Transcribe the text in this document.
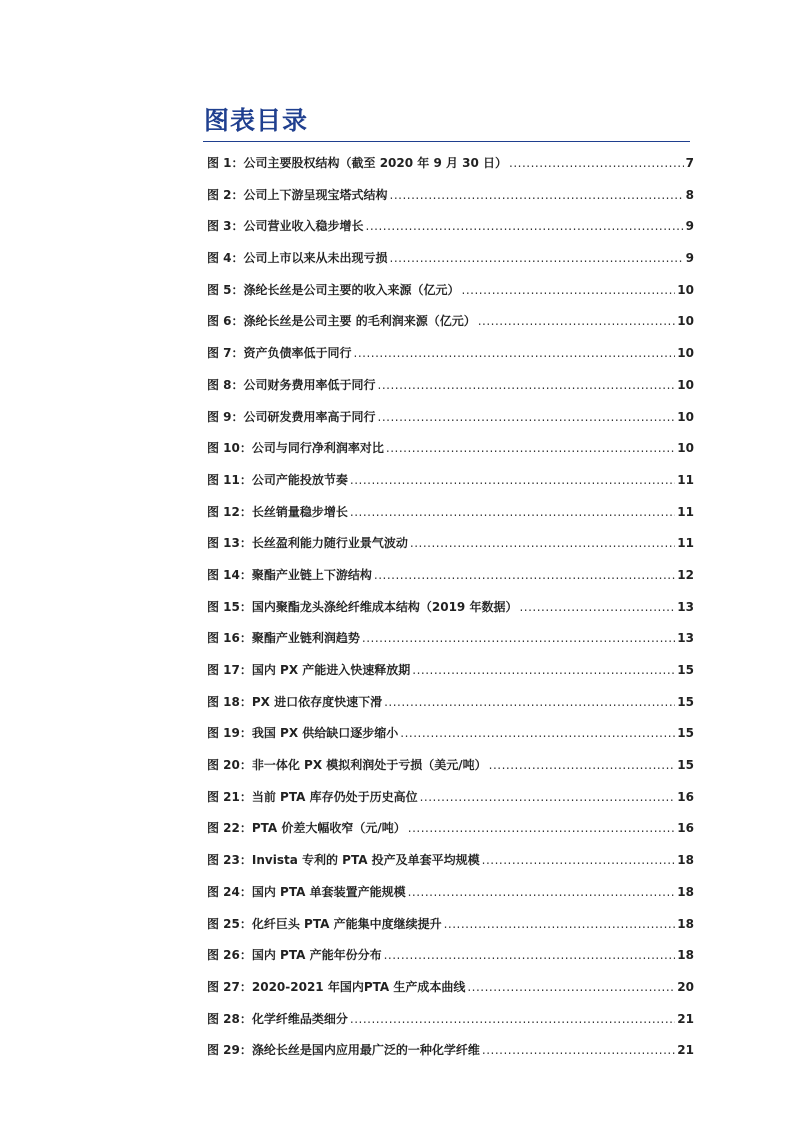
图表目录
图 1：公司主要股权结构（截至 2020 年 9 月 30 日） .....	7
图 2：公司上下游呈现宝塔式结构 .....	8
图 3：公司营业收入稳步增长 .....	9
图 4：公司上市以来从未出现亏损 .....	9
图 5：涤纶长丝是公司主要的收入来源（亿元） .....	10
图 6：涤纶长丝是公司主要 的毛利润来源（亿元） .....	10
图 7：资产负债率低于同行 .....	10
图 8：公司财务费用率低于同行 .....	10
图 9：公司研发费用率高于同行 .....	10
图 10：公司与同行净利润率对比 .....	10
图 11：公司产能投放节奏 .....	11
图 12：长丝销量稳步增长 .....	11
图 13：长丝盈利能力随行业景气波动 .....	11
图 14：聚酯产业链上下游结构 .....	12
图 15：国内聚酯龙头涤纶纤维成本结构（2019 年数据） .....	13
图 16：聚酯产业链利润趋势 .....	13
图 17：国内 PX 产能进入快速释放期 .....	15
图 18：PX 进口依存度快速下滑 .....	15
图 19：我国 PX 供给缺口逐步缩小 .....	15
图 20：非一体化 PX 模拟利润处于亏损（美元/吨） .....	15
图 21：当前 PTA 库存仍处于历史高位 .....	16
图 22：PTA 价差大幅收窄（元/吨） .....	16
图 23：Invista 专利的 PTA 投产及单套平均规模 .....	18
图 24：国内 PTA 单套装置产能规模 .....	18
图 25：化纤巨头 PTA 产能集中度继续提升 .....	18
图 26：国内 PTA 产能年份分布 .....	18
图 27：2020-2021 年国内PTA 生产成本曲线 .....	20
图 28：化学纤维品类细分 .....	21
图 29：涤纶长丝是国内应用最广泛的一种化学纤维 .....	21
